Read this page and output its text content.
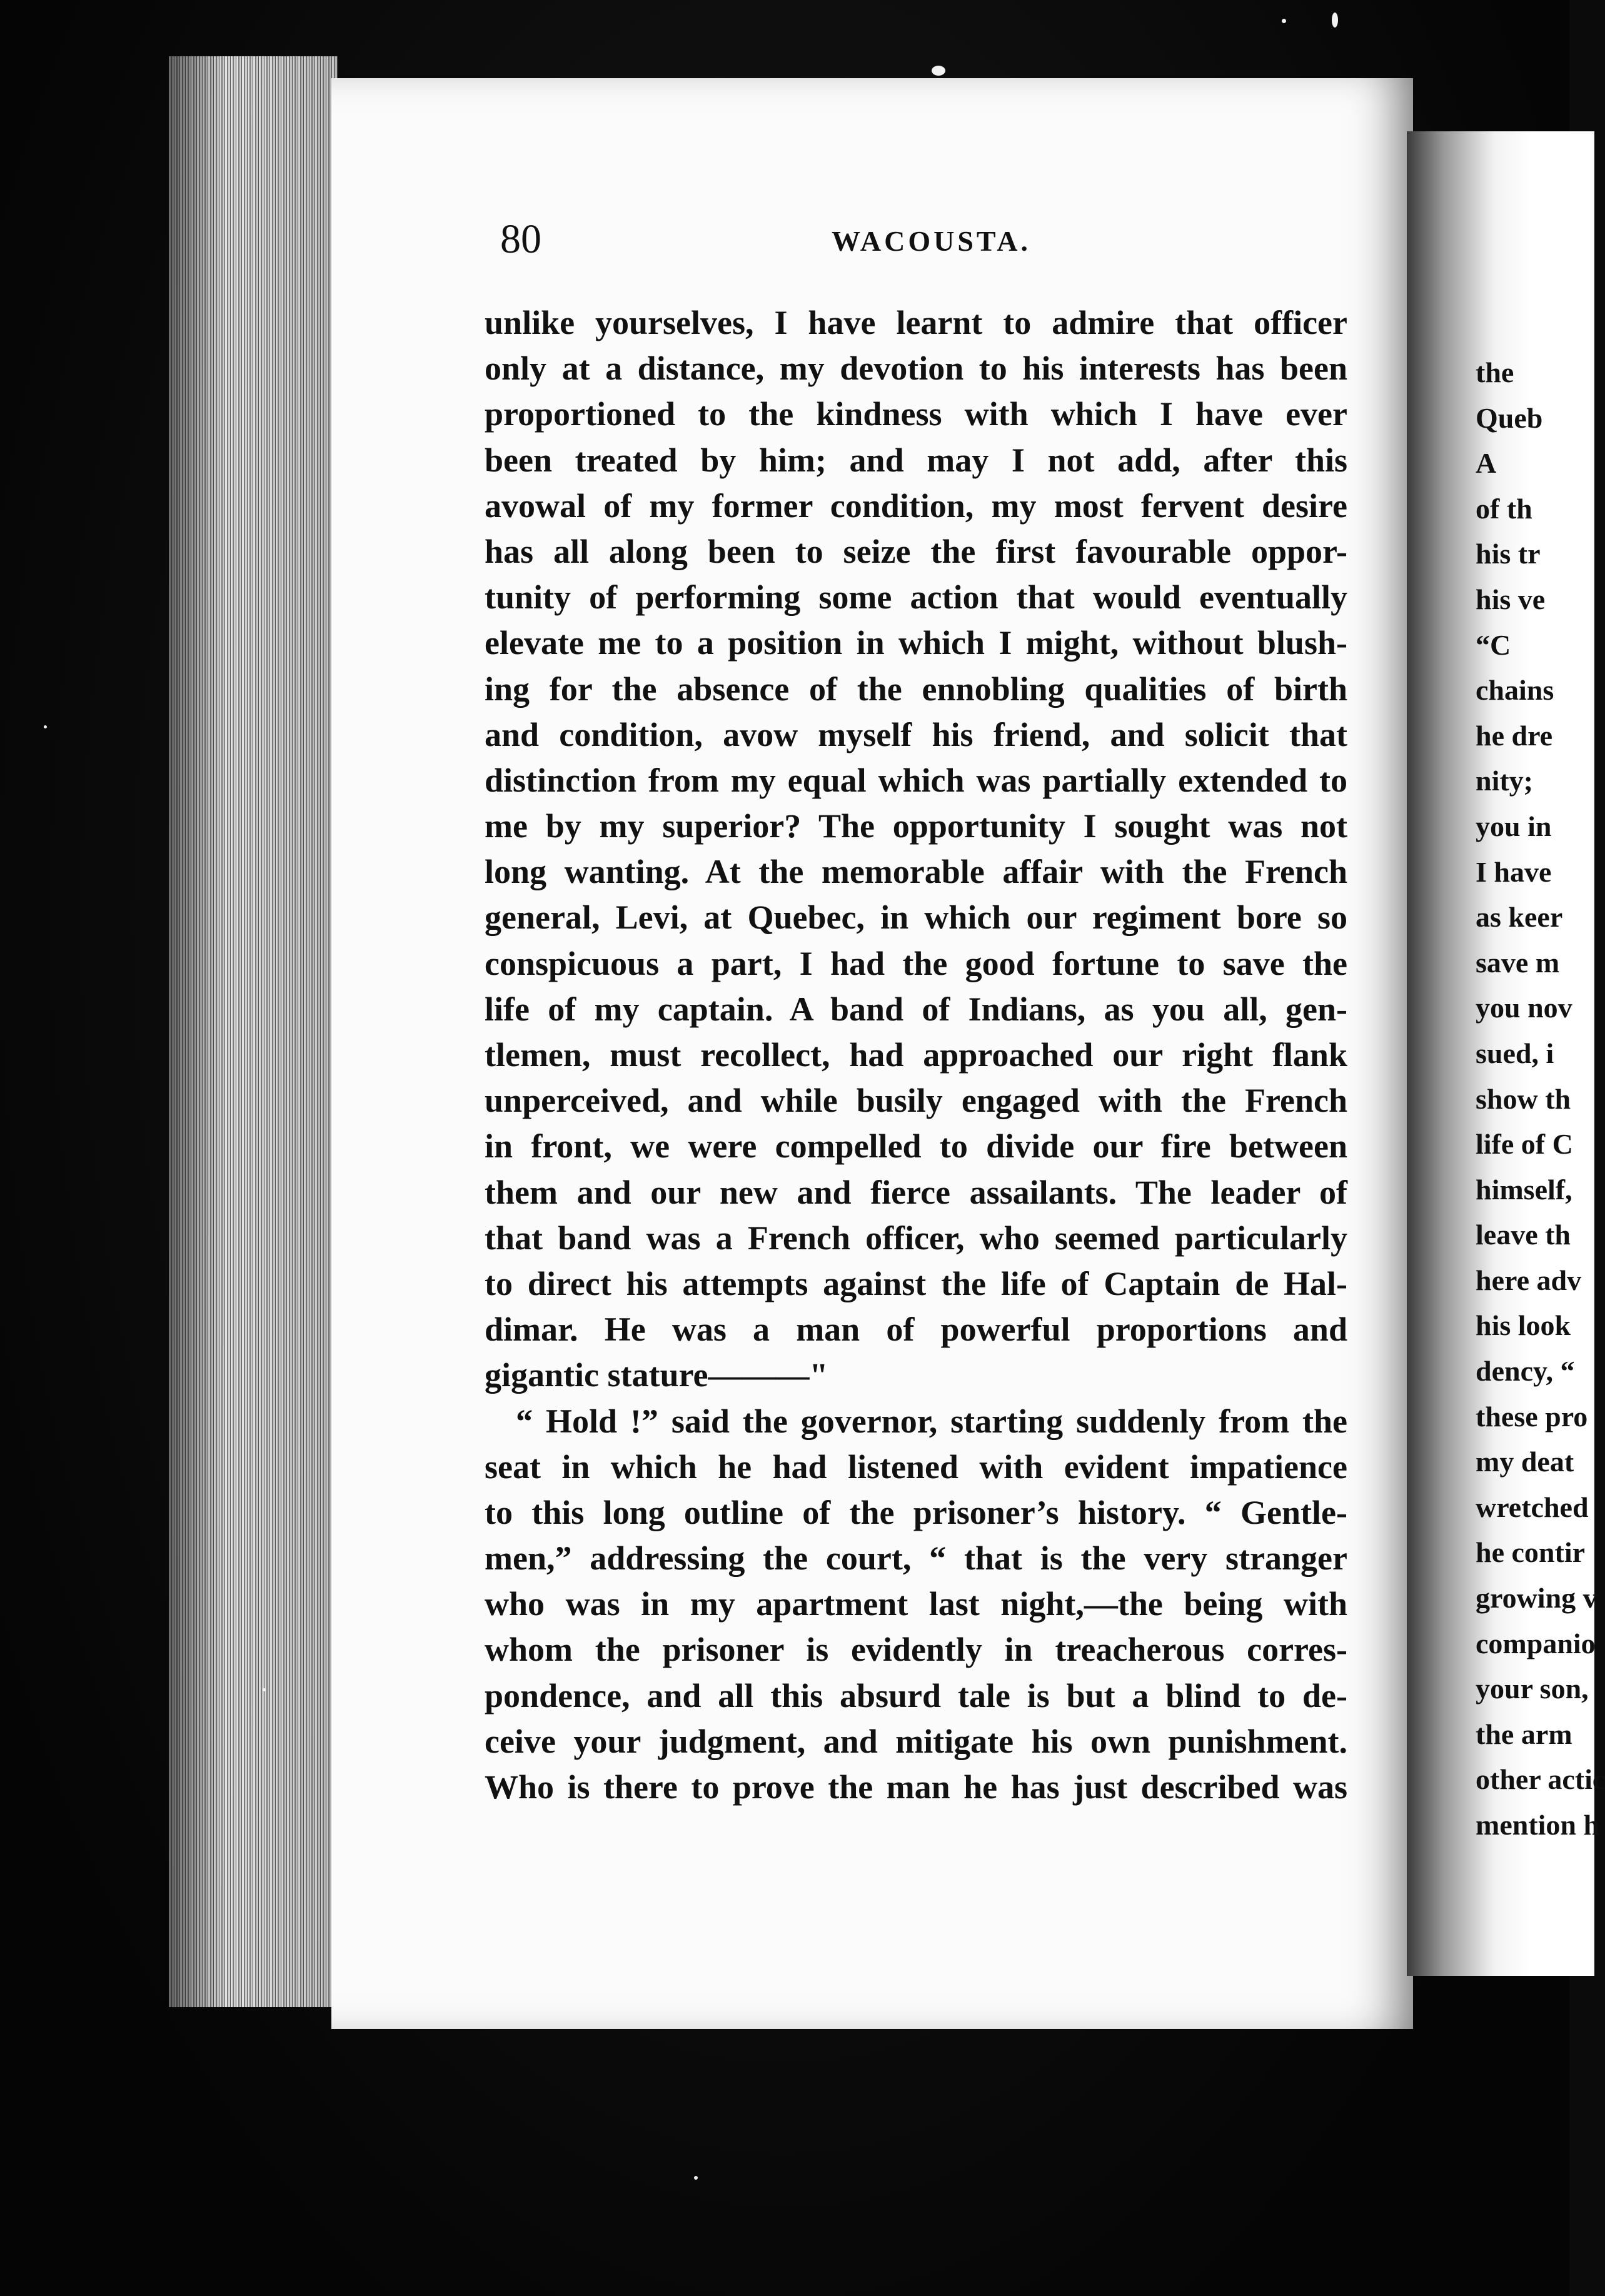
the
Queb
A
of th
his tr
his ve
“C
chains
he dre
nity;
you in
I have
as keer
save m
you nov
sued, i
show th
life of C
himself,
leave th
here adv
his look
dency, “
these pro
my deat
wretched
he contir
growing v
companio
your son,
the arm
other actic
mention h
80	WACOUSTA.
unlike yourselves, I have learnt to admire that officer
only at a distance, my devotion to his interests has been
proportioned to the kindness with which I have ever
been treated by him; and may I not add, after this
avowal of my former condition, my most fervent desire
has all along been to seize the first favourable oppor-
tunity of performing some action that would eventually
elevate me to a position in which I might, without blush-
ing for the absence of the ennobling qualities of birth
and condition, avow myself his friend, and solicit that
distinction from my equal which was partially extended to
me by my superior? The opportunity I sought was not
long wanting. At the memorable affair with the French
general, Levi, at Quebec, in which our regiment bore so
conspicuous a part, I had the good fortune to save the
life of my captain. A band of Indians, as you all, gen-
tlemen, must recollect, had approached our right flank
unperceived, and while busily engaged with the French
in front, we were compelled to divide our fire between
them and our new and fierce assailants. The leader of
that band was a French officer, who seemed particularly
to direct his attempts against the life of Captain de Hal-
dimar. He was a man of powerful proportions and
gigantic stature———"
“ Hold !” said the governor, starting suddenly from the
seat in which he had listened with evident impatience
to this long outline of the prisoner’s history. “ Gentle-
men,” addressing the court, “ that is the very stranger
who was in my apartment last night,—the being with
whom the prisoner is evidently in treacherous corres-
pondence, and all this absurd tale is but a blind to de-
ceive your judgment, and mitigate his own punishment.
Who is there to prove the man he has just described was
